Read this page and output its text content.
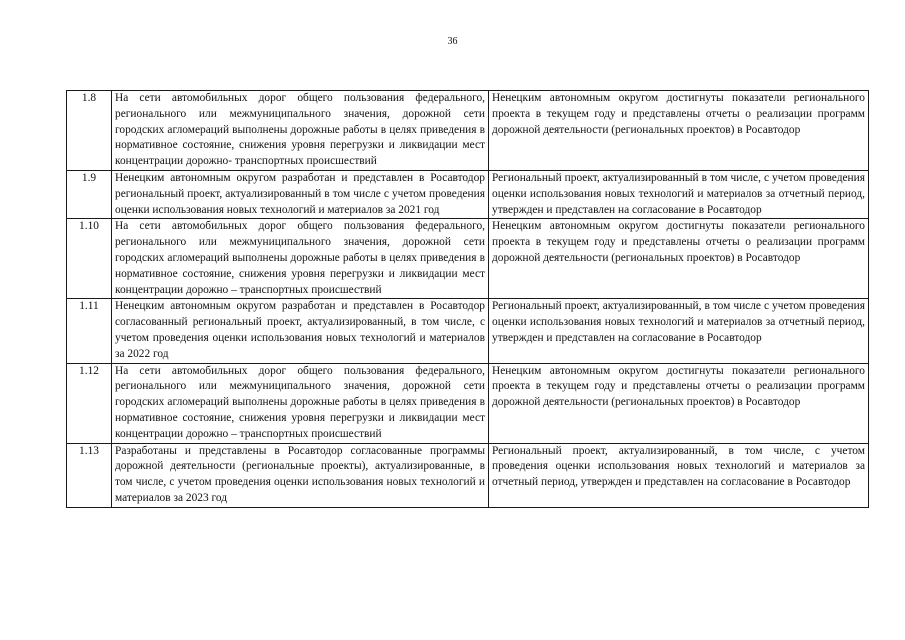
36
1.8	На сети автомобильных дорог общего пользования федерального, регионального или межмуниципального значения, дорожной сети городских агломераций выполнены дорожные работы в целях приведения в нормативное состояние, снижения уровня перегрузки и ликвидации мест концентрации дорожно- транспортных происшествий	Ненецким автономным округом достигнуты показатели регионального проекта в текущем году и представлены отчеты о реализации программ дорожной деятельности (региональных проектов) в Росавтодор
1.9	Ненецким автономным округом разработан и представлен в Росавтодор региональный проект, актуализированный в том числе с учетом проведения оценки использования новых технологий и материалов за 2021 год	Региональный проект, актуализированный в том числе, с учетом проведения оценки использования новых технологий и материалов за отчетный период, утвержден и представлен на согласование в Росавтодор
1.10	На сети автомобильных дорог общего пользования федерального, регионального или межмуниципального значения, дорожной сети городских агломераций выполнены дорожные работы в целях приведения в нормативное состояние, снижения уровня перегрузки и ликвидации мест концентрации дорожно – транспортных происшествий	Ненецким автономным округом достигнуты показатели регионального проекта в текущем году и представлены отчеты о реализации программ дорожной деятельности (региональных проектов) в Росавтодор
1.11	Ненецким автономным округом разработан и представлен в Росавтодор согласованный региональный проект, актуализированный, в том числе, с учетом проведения оценки использования новых технологий и материалов за 2022 год	Региональный проект, актуализированный, в том числе с учетом проведения оценки использования новых технологий и материалов за отчетный период, утвержден и представлен на согласование в Росавтодор
1.12	На сети автомобильных дорог общего пользования федерального, регионального или межмуниципального значения, дорожной сети городских агломераций выполнены дорожные работы в целях приведения в нормативное состояние, снижения уровня перегрузки и ликвидации мест концентрации дорожно – транспортных происшествий	Ненецким автономным округом достигнуты показатели регионального проекта в текущем году и представлены отчеты о реализации программ дорожной деятельности (региональных проектов) в Росавтодор
1.13	Разработаны и представлены в Росавтодор согласованные программы дорожной деятельности (региональные проекты), актуализированные, в том числе, с учетом проведения оценки использования новых технологий и материалов за 2023 год	Региональный проект, актуализированный, в том числе, с учетом проведения оценки использования новых технологий и материалов за отчетный период, утвержден и представлен на согласование в Росавтодор
